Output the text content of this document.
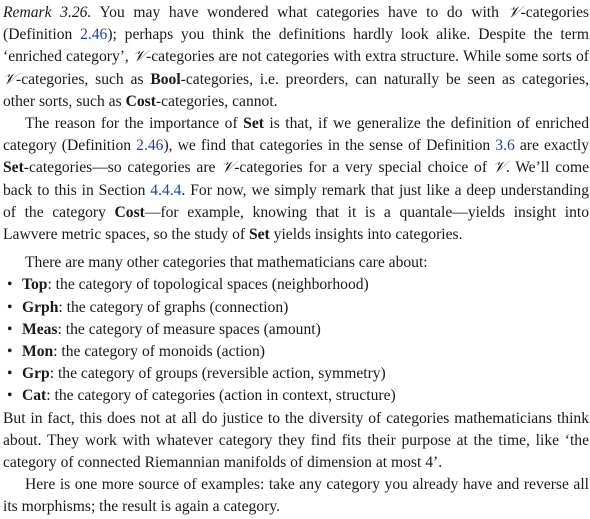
Remark 3.26. You may have wondered what categories have to do with 𝒱-categories (Definition 2.46); perhaps you think the definitions hardly look alike. Despite the term ‘enriched category’, 𝒱-categories are not categories with extra structure. While some sorts of 𝒱-categories, such as Bool-categories, i.e. preorders, can naturally be seen as categories, other sorts, such as Cost-categories, cannot.

The reason for the importance of Set is that, if we generalize the definition of enriched category (Definition 2.46), we find that categories in the sense of Definition 3.6 are exactly Set-categories—so categories are 𝒱-categories for a very special choice of 𝒱. We’ll come back to this in Section 4.4.4. For now, we simply remark that just like a deep understanding of the category Cost—for example, knowing that it is a quantale—yields insight into Lawvere metric spaces, so the study of Set yields insights into categories.

There are many other categories that mathematicians care about:

• Top: the category of topological spaces (neighborhood)
• Grph: the category of graphs (connection)
• Meas: the category of measure spaces (amount)
• Mon: the category of monoids (action)
• Grp: the category of groups (reversible action, symmetry)
• Cat: the category of categories (action in context, structure)

But in fact, this does not at all do justice to the diversity of categories mathematicians think about. They work with whatever category they find fits their purpose at the time, like ‘the category of connected Riemannian manifolds of dimension at most 4’.

Here is one more source of examples: take any category you already have and reverse all its morphisms; the result is again a category.
